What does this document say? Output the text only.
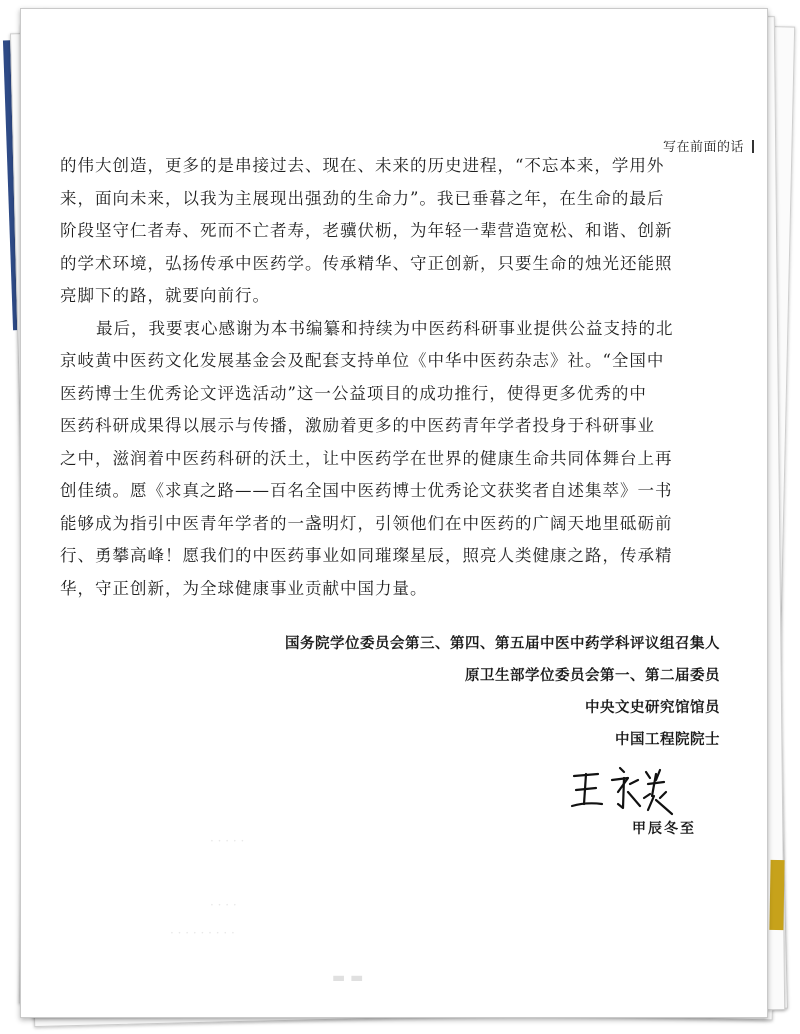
写在前面的话
的伟大创造，更多的是串接过去、现在、未来的历史进程，“不忘本来，学用外
来，面向未来，以我为主展现出强劲的生命力”。我已垂暮之年，在生命的最后
阶段坚守仁者寿、死而不亡者寿，老骥伏枥，为年轻一辈营造宽松、和谐、创新
的学术环境，弘扬传承中医药学。传承精华、守正创新，只要生命的烛光还能照
亮脚下的路，就要向前行。
最后，我要衷心感谢为本书编纂和持续为中医药科研事业提供公益支持的北
京岐黄中医药文化发展基金会及配套支持单位《中华中医药杂志》社。“全国中
医药博士生优秀论文评选活动”这一公益项目的成功推行，使得更多优秀的中
医药科研成果得以展示与传播，激励着更多的中医药青年学者投身于科研事业
之中，滋润着中医药科研的沃土，让中医药学在世界的健康生命共同体舞台上再
创佳绩。愿《求真之路——百名全国中医药博士优秀论文获奖者自述集萃》一书
能够成为指引中医青年学者的一盏明灯，引领他们在中医药的广阔天地里砥砺前
行、勇攀高峰！愿我们的中医药事业如同璀璨星辰，照亮人类健康之路，传承精
华，守正创新，为全球健康事业贡献中国力量。
国务院学位委员会第三、第四、第五届中医中药学科评议组召集人
原卫生部学位委员会第一、第二届委员
中央文史研究馆馆员
中国工程院院士
甲辰冬至
· · · · ·
· · · ·
· · · · · · · · ·
▬ ▬
